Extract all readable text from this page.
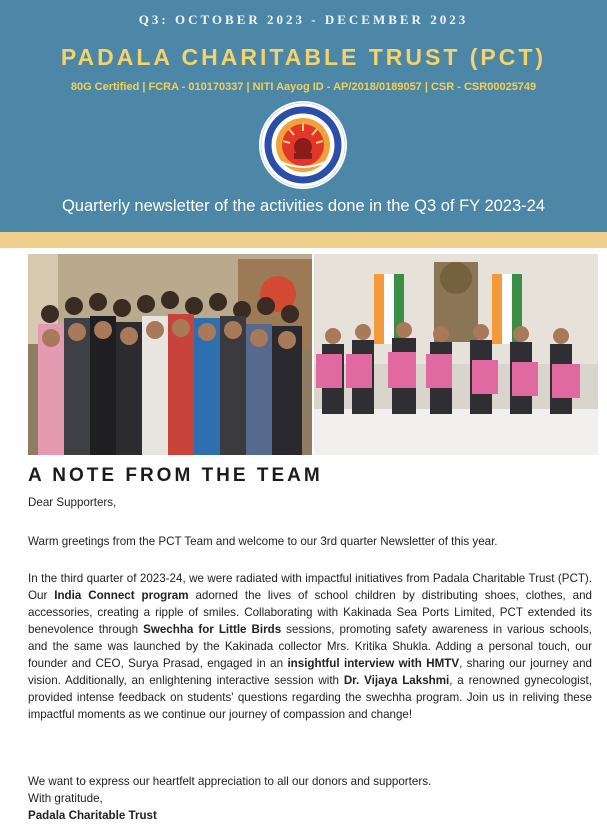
Q3: OCTOBER 2023 - DECEMBER 2023
PADALA CHARITABLE TRUST (PCT)
80G Certified | FCRA - 010170337 | NITI Aayog ID - AP/2018/0189057 | CSR - CSR00025749
Quarterly newsletter of the activities done in the Q3 of FY 2023-24
A NOTE FROM THE TEAM

Dear Supporters,

Warm greetings from the PCT Team and welcome to our 3rd quarter Newsletter of this year.

In the third quarter of 2023-24, we were radiated with impactful initiatives from Padala Charitable Trust (PCT). Our India Connect program adorned the lives of school children by distributing shoes, clothes, and accessories, creating a ripple of smiles. Collaborating with Kakinada Sea Ports Limited, PCT extended its benevolence through Swechha for Little Birds sessions, promoting safety awareness in various schools, and the same was launched by the Kakinada collector Mrs. Kritika Shukla. Adding a personal touch, our founder and CEO, Surya Prasad, engaged in an insightful interview with HMTV, sharing our journey and vision. Additionally, an enlightening interactive session with Dr. Vijaya Lakshmi, a renowned gynecologist, provided intense feedback on students' questions regarding the swechha program. Join us in reliving these impactful moments as we continue our journey of compassion and change!

We want to express our heartfelt appreciation to all our donors and supporters.

With gratitude,

Padala Charitable Trust
